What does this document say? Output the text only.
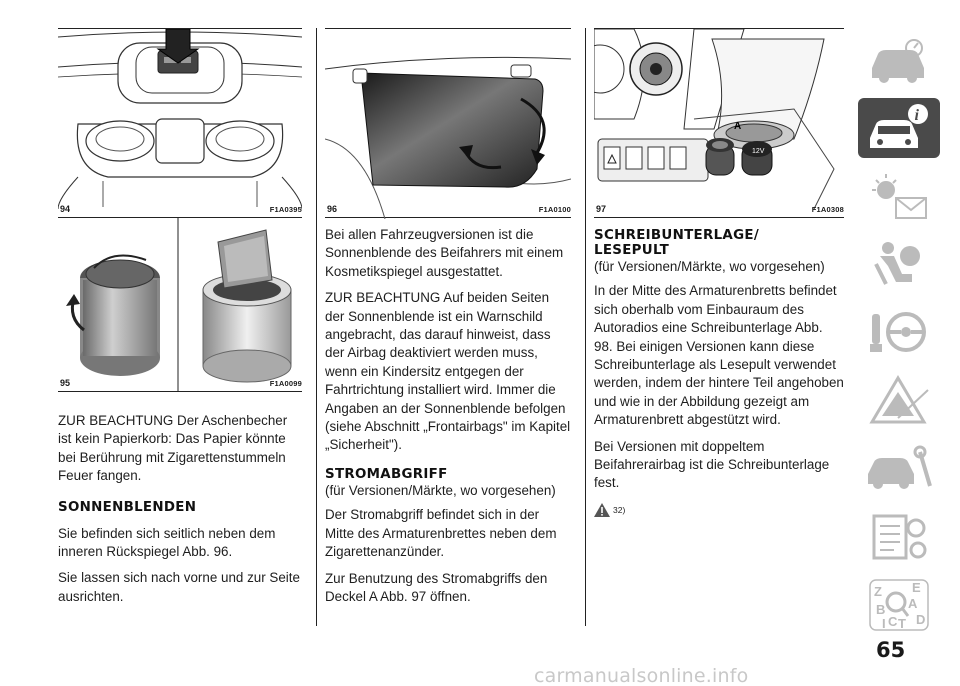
94	F1A0395
95	F1A0099

ZUR BEACHTUNG Der Aschenbecher ist kein Papierkorb: Das Papier könnte bei Berührung mit Zigarettenstummeln Feuer fangen.

SONNENBLENDEN

Sie befinden sich seitlich neben dem inneren Rückspiegel Abb. 96.

Sie lassen sich nach vorne und zur Seite ausrichten.

96	F1A0100

Bei allen Fahrzeugversionen ist die Sonnenblende des Beifahrers mit einem Kosmetikspiegel ausgestattet.

ZUR BEACHTUNG Auf beiden Seiten der Sonnenblende ist ein Warnschild angebracht, das darauf hinweist, dass der Airbag deaktiviert werden muss, wenn ein Kindersitz entgegen der Fahrtrichtung installiert wird. Immer die Angaben an der Sonnenblende befolgen (siehe Abschnitt „Frontairbags" im Kapitel „Sicherheit").

STROMABGRIFF

(für Versionen/Märkte, wo vorgesehen)

Der Stromabgriff befindet sich in der Mitte des Armaturenbrettes neben dem Zigarettenanzünder.

Zur Benutzung des Stromabgriffs den Deckel A Abb. 97 öffnen.

12V
A
97	F1A0308
SCHREIBUNTERLAGE/
LESEPULT

(für Versionen/Märkte, wo vorgesehen)

In der Mitte des Armaturenbretts befindet sich oberhalb vom Einbauraum des Autoradios eine Schreibunterlage Abb. 98. Bei einigen Versionen kann diese Schreibunterlage als Lesepult verwendet werden, indem der hintere Teil angehoben und wie in der Abbildung gezeigt am Armaturenbrett abgestützt wird.

Bei Versionen mit doppeltem Beifahrerairbag ist die Schreibunterlage fest.

32)
i
Z E
A
B
C T D
I
65
carmanualsonline.info
